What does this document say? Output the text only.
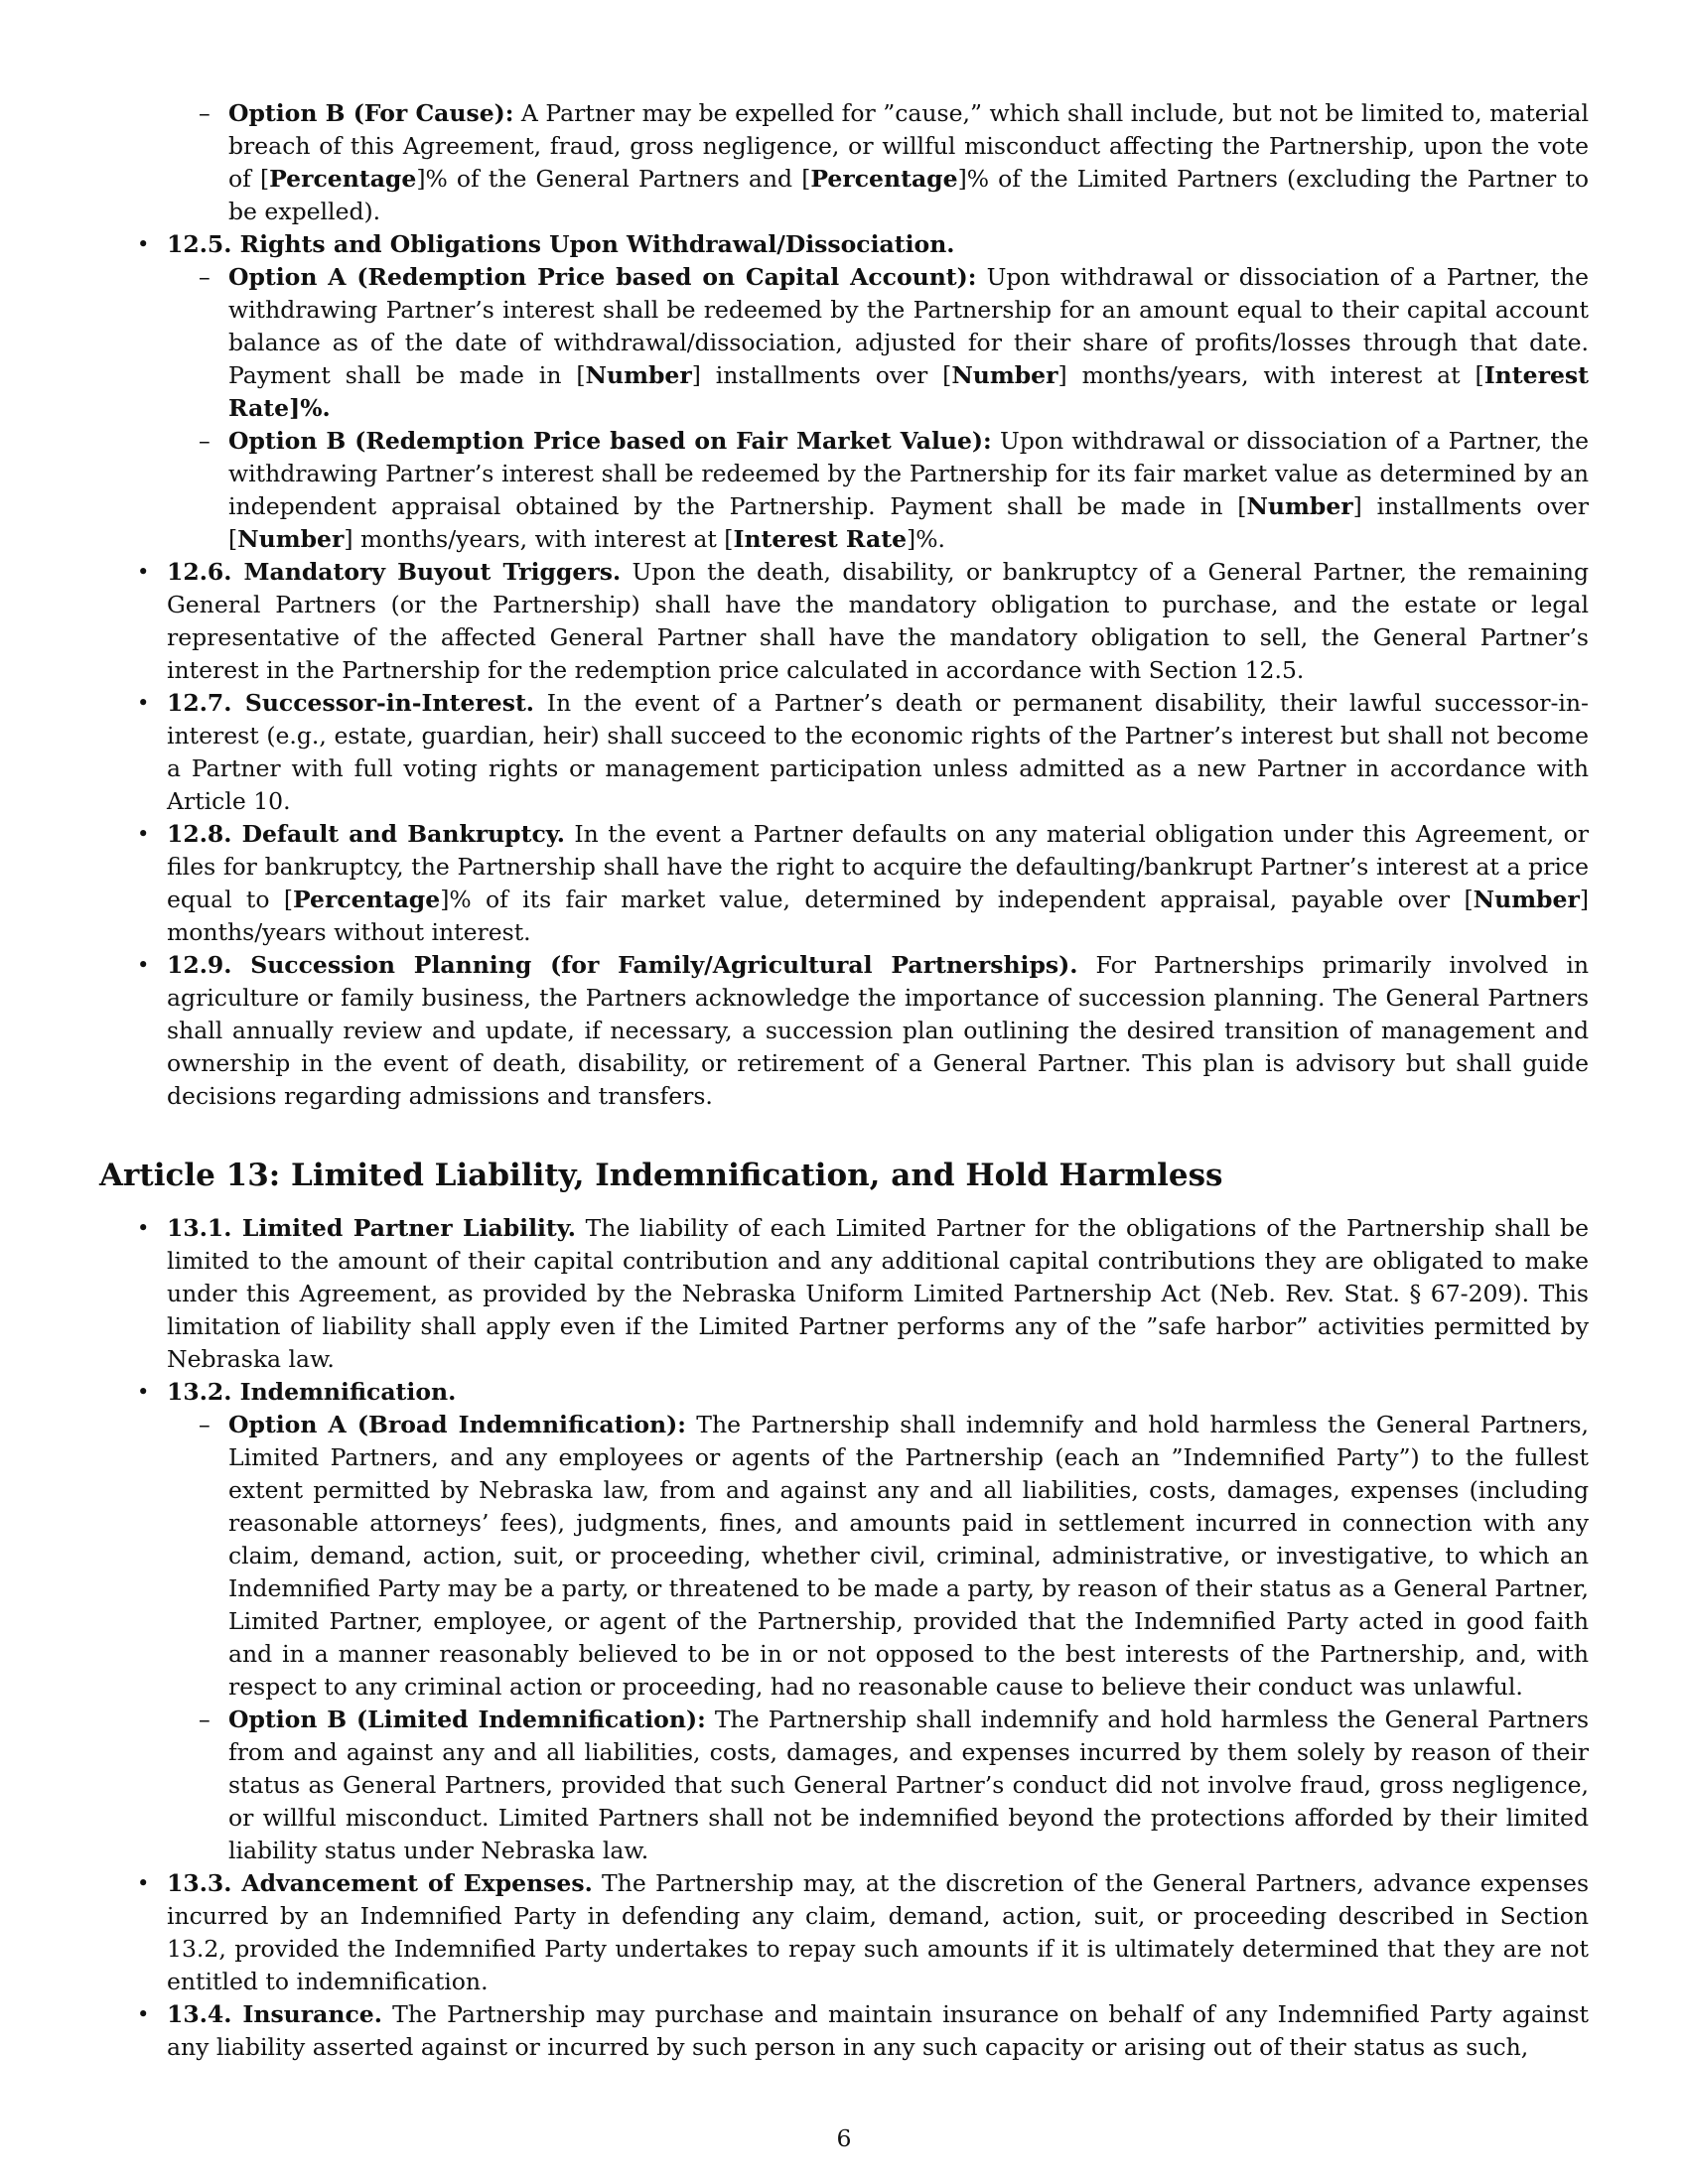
– Option B (For Cause): A Partner may be expelled for ”cause,” which shall include, but not be limited to, material breach of this Agreement, fraud, gross negligence, or willful misconduct affecting the Partnership, upon the vote of [Percentage]% of the General Partners and [Percentage]% of the Limited Partners (excluding the Partner to be expelled).
• 12.5. Rights and Obligations Upon Withdrawal/Dissociation.
– Option A (Redemption Price based on Capital Account): Upon withdrawal or dissociation of a Partner, the withdrawing Partner’s interest shall be redeemed by the Partnership for an amount equal to their capital account balance as of the date of withdrawal/dissociation, adjusted for their share of profits/losses through that date. Payment shall be made in [Number] installments over [Number] months/years, with interest at [Interest Rate]%.
– Option B (Redemption Price based on Fair Market Value): Upon withdrawal or dissociation of a Partner, the withdrawing Partner’s interest shall be redeemed by the Partnership for its fair market value as determined by an independent appraisal obtained by the Partnership. Payment shall be made in [Number] installments over [Number] months/years, with interest at [Interest Rate]%.
• 12.6. Mandatory Buyout Triggers. Upon the death, disability, or bankruptcy of a General Partner, the remaining General Partners (or the Partnership) shall have the mandatory obligation to purchase, and the estate or legal representative of the affected General Partner shall have the mandatory obligation to sell, the General Partner’s interest in the Partnership for the redemption price calculated in accordance with Section 12.5.
• 12.7. Successor-in-Interest. In the event of a Partner’s death or permanent disability, their lawful successor-in-interest (e.g., estate, guardian, heir) shall succeed to the economic rights of the Partner’s interest but shall not become a Partner with full voting rights or management participation unless admitted as a new Partner in accordance with Article 10.
• 12.8. Default and Bankruptcy. In the event a Partner defaults on any material obligation under this Agreement, or files for bankruptcy, the Partnership shall have the right to acquire the defaulting/bankrupt Partner’s interest at a price equal to [Percentage]% of its fair market value, determined by independent appraisal, payable over [Number] months/years without interest.
• 12.9. Succession Planning (for Family/Agricultural Partnerships). For Partnerships primarily involved in agriculture or family business, the Partners acknowledge the importance of succession planning. The General Partners shall annually review and update, if necessary, a succession plan outlining the desired transition of management and ownership in the event of death, disability, or retirement of a General Partner. This plan is advisory but shall guide decisions regarding admissions and transfers.
Article 13: Limited Liability, Indemnification, and Hold Harmless
• 13.1. Limited Partner Liability. The liability of each Limited Partner for the obligations of the Partnership shall be limited to the amount of their capital contribution and any additional capital contributions they are obligated to make under this Agreement, as provided by the Nebraska Uniform Limited Partnership Act (Neb. Rev. Stat. § 67-209). This limitation of liability shall apply even if the Limited Partner performs any of the ”safe harbor” activities permitted by Nebraska law.
• 13.2. Indemnification.
– Option A (Broad Indemnification): The Partnership shall indemnify and hold harmless the General Partners, Limited Partners, and any employees or agents of the Partnership (each an ”Indemnified Party”) to the fullest extent permitted by Nebraska law, from and against any and all liabilities, costs, damages, expenses (including reasonable attorneys’ fees), judgments, fines, and amounts paid in settlement incurred in connection with any claim, demand, action, suit, or proceeding, whether civil, criminal, administrative, or investigative, to which an Indemnified Party may be a party, or threatened to be made a party, by reason of their status as a General Partner, Limited Partner, employee, or agent of the Partnership, provided that the Indemnified Party acted in good faith and in a manner reasonably believed to be in or not opposed to the best interests of the Partnership, and, with respect to any criminal action or proceeding, had no reasonable cause to believe their conduct was unlawful.
– Option B (Limited Indemnification): The Partnership shall indemnify and hold harmless the General Partners from and against any and all liabilities, costs, damages, and expenses incurred by them solely by reason of their status as General Partners, provided that such General Partner’s conduct did not involve fraud, gross negligence, or willful misconduct. Limited Partners shall not be indemnified beyond the protections afforded by their limited liability status under Nebraska law.
• 13.3. Advancement of Expenses. The Partnership may, at the discretion of the General Partners, advance expenses incurred by an Indemnified Party in defending any claim, demand, action, suit, or proceeding described in Section 13.2, provided the Indemnified Party undertakes to repay such amounts if it is ultimately determined that they are not entitled to indemnification.
• 13.4. Insurance. The Partnership may purchase and maintain insurance on behalf of any Indemnified Party against any liability asserted against or incurred by such person in any such capacity or arising out of their status as such,
6
